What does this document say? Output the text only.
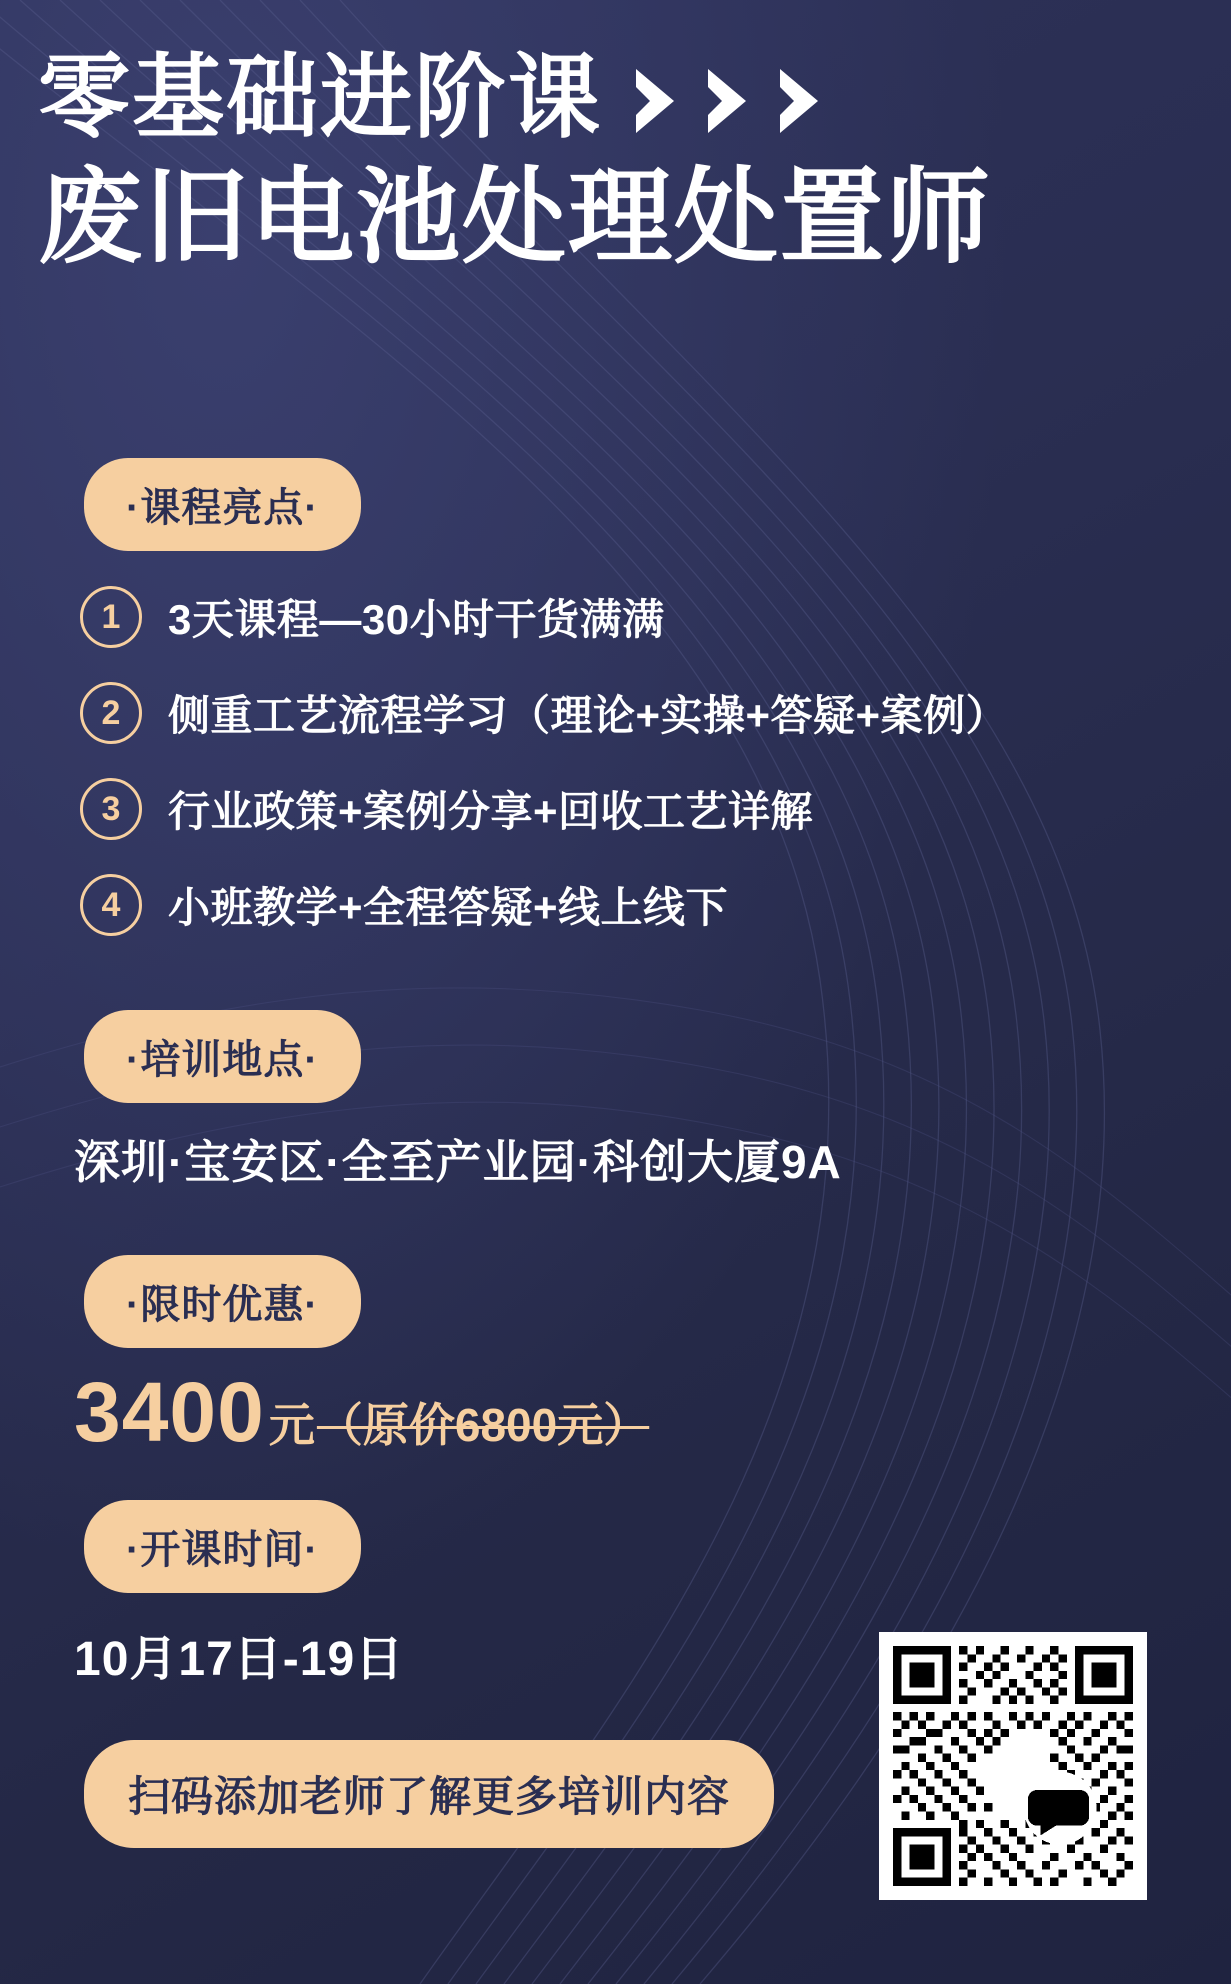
零基础进阶课
废旧电池处理处置师
·课程亮点·
1	3天课程—30小时干货满满
2	侧重工艺流程学习（理论+实操+答疑+案例）
3	行业政策+案例分享+回收工艺详解
4	小班教学+全程答疑+线上线下
·培训地点·
深圳·宝安区·全至产业园·科创大厦9A
·限时优惠·
3400 元 （原价6800元）
·开课时间·
10月17日-19日
扫码添加老师了解更多培训内容
